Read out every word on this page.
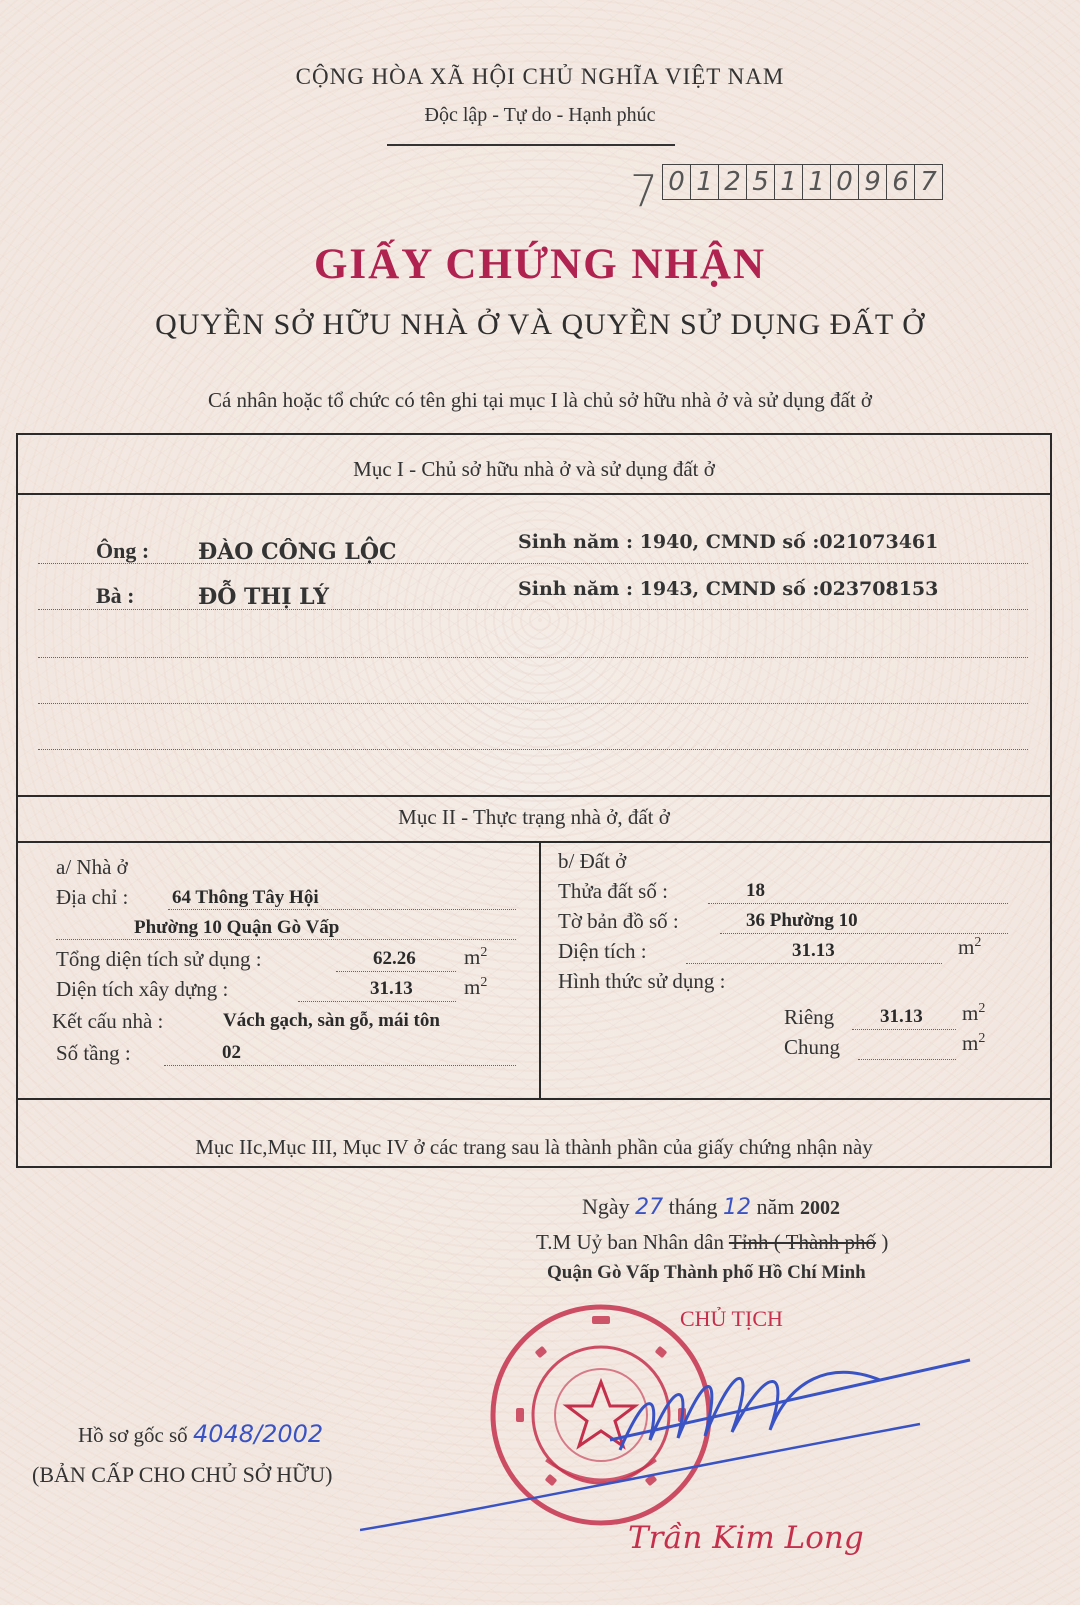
CỘNG HÒA XÃ HỘI CHỦ NGHĨA VIỆT NAM
Độc lập - Tự do - Hạnh phúc
7 0 1 2 5 1 1 0 9 6 7
GIẤY CHỨNG NHẬN
QUYỀN SỞ HỮU NHÀ Ở VÀ QUYỀN SỬ DỤNG ĐẤT Ở
Cá nhân hoặc tổ chức có tên ghi tại mục I là chủ sở hữu nhà ở và sử dụng đất ở
Mục I - Chủ sở hữu nhà ở và sử dụng đất ở
Ông : ĐÀO CÔNG LỘC	Sinh năm : 1940, CMND số :021073461
Bà :	ĐỖ THỊ LÝ	Sinh năm : 1943, CMND số :023708153
Mục II - Thực trạng nhà ở, đất ở
a/ Nhà ở
Địa chỉ : 64 Thông Tây Hội
Phường 10 Quận Gò Vấp
Tổng diện tích sử dụng :	62.26 $m^2$
Diện tích xây dựng :	31.13 $m^2$
Kết cấu nhà :	Vách gạch, sàn gỗ, mái tôn
Số tầng :	02
b/ Đất ở
Thửa đất số :	18
Tờ bản đồ số :	36 Phường 10
Diện tích :	31.13	$m^2$
Hình thức sử dụng :
Riêng 31.13 $m^2$
Chung	$m^2$
Mục IIc,Mục III, Mục IV ở các trang sau là thành phần của giấy chứng nhận này
Ngày 27 tháng 12 năm 2002
T.M Uỷ ban Nhân dân Tỉnh ( Thành phố )
Quận Gò Vấp Thành phố Hồ Chí Minh
CHỦ TỊCH
Hồ sơ gốc số 4048/2002
(BẢN CẤP CHO CHỦ SỞ HỮU)
Trần Kim Long
